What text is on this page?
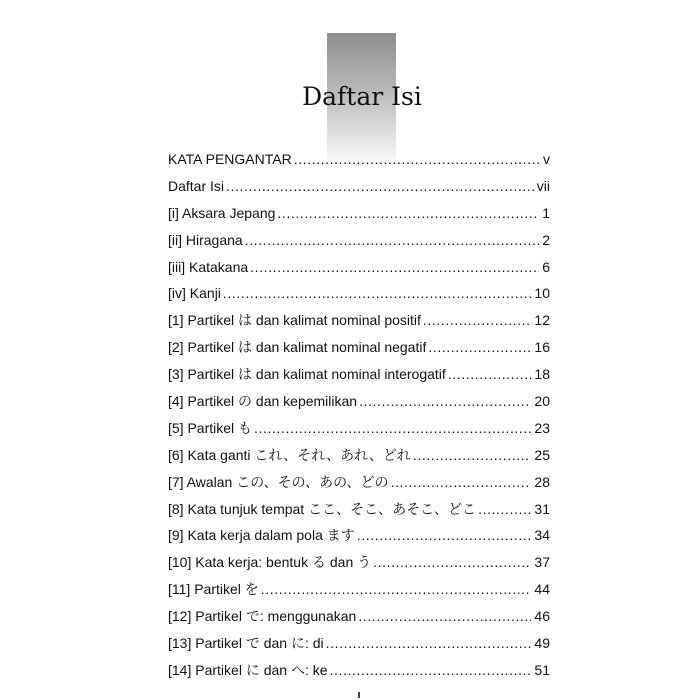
Daftar Isi
KATA PENGANTAR .....	v
Daftar Isi .....	vii
[i] Aksara Jepang .....	1
[ii] Hiragana .....	2
[iii] Katakana .....	6
[iv] Kanji .....	10
[1] Partikel は dan kalimat nominal positif .....	12
[2] Partikel は dan kalimat nominal negatif .....	16
[3] Partikel は dan kalimat nominal interogatif .....	18
[4] Partikel の dan kepemilikan .....	20
[5] Partikel も .....	23
[6] Kata ganti これ、それ、あれ、どれ .....	25
[7] Awalan この、その、あの、どの .....	28
[8] Kata tunjuk tempat ここ、そこ、あそこ、どこ .....	31
[9] Kata kerja dalam pola ます .....	34
[10] Kata kerja: bentuk る dan う .....	37
[11] Partikel を .....	44
[12] Partikel で: menggunakan .....	46
[13] Partikel で dan に: di .....	49
[14] Partikel に dan へ: ke .....	51
